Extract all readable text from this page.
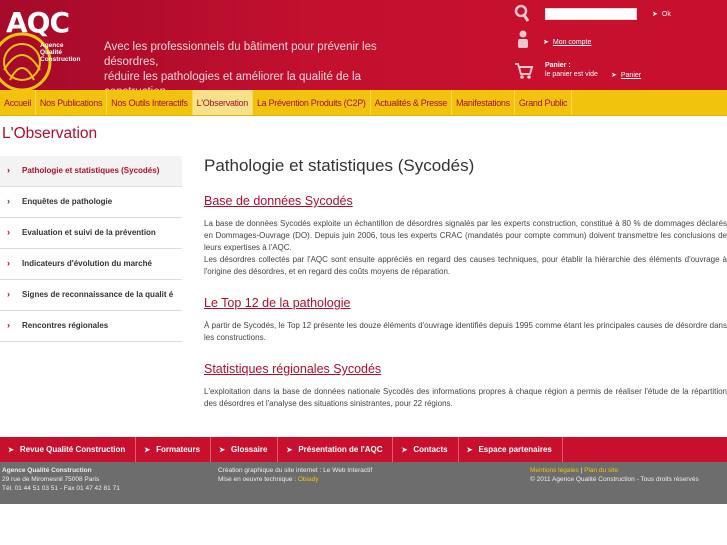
AQC
Agence
Qualité
Construction
Avec les professionnels du bâtiment pour prévenir les désordres,
réduire les pathologies et améliorer la qualité de la
➤ Ok
➤ Mon compte
Panier :
le panier est vide ➤ Panier
Accueil	Nos Publications	Nos Outils Interactifs	L'Observation	La Prévention Produits (C2P)	Actualités & Presse	Manifestations	Grand Public
L'Observation
› Pathologie et statistiques (Sycodés)
› Enquêtes de pathologie
› Evaluation et suivi de la prévention
› Indicateurs d'évolution du marché
› Signes de reconnaissance de la qualit é
› Rencontres régionales
Pathologie et statistiques (Sycodés)
Base de données Sycodés

La base de données Sycodés exploite un échantillon de désordres signalés par les experts construction, constitué à 80 % de dommages déclarés en Dommages-Ouvrage (DO). Depuis juin 2006, tous les experts CRAC (mandatés pour compte commun) doivent transmettre les conclusions de leurs expertises à l'AQC.
Les désordres collectés par l'AQC sont ensuite appréciés en regard des causes techniques, pour établir la hiérarchie des éléments d'ouvrage à l'origine des désordres, et en regard des coûts moyens de réparation.

Le Top 12 de la pathologie

À partir de Sycodés, le Top 12 présente les douze éléments d'ouvrage identifiés depuis 1995 comme étant les principales causes de désordre dans les constructions.

Statistiques régionales Sycodés

L'exploitation dans la base de données nationale Sycodés des informations propres à chaque région a permis de réaliser l'étude de la répartition des désordres et l'analyse des situations sinistrantes, pour 22 régions.

➤ Revue Qualité Construction	➤ Formateurs	➤ Glossaire	➤ Présentation de l'AQC	➤ Contacts	➤ Espace partenaires
Agence Qualité Construction
29 rue de Miromesnil 75008 Paris
Tél. 01 44 51 03 51 - Fax 01 47 42 81 71
Création graphique du site internet : Le Web Interactif
Mise en oeuvre technique : Obiady
Mentions légales | Plan du site
© 2011 Agence Qualité Construction - Tous droits réservés
